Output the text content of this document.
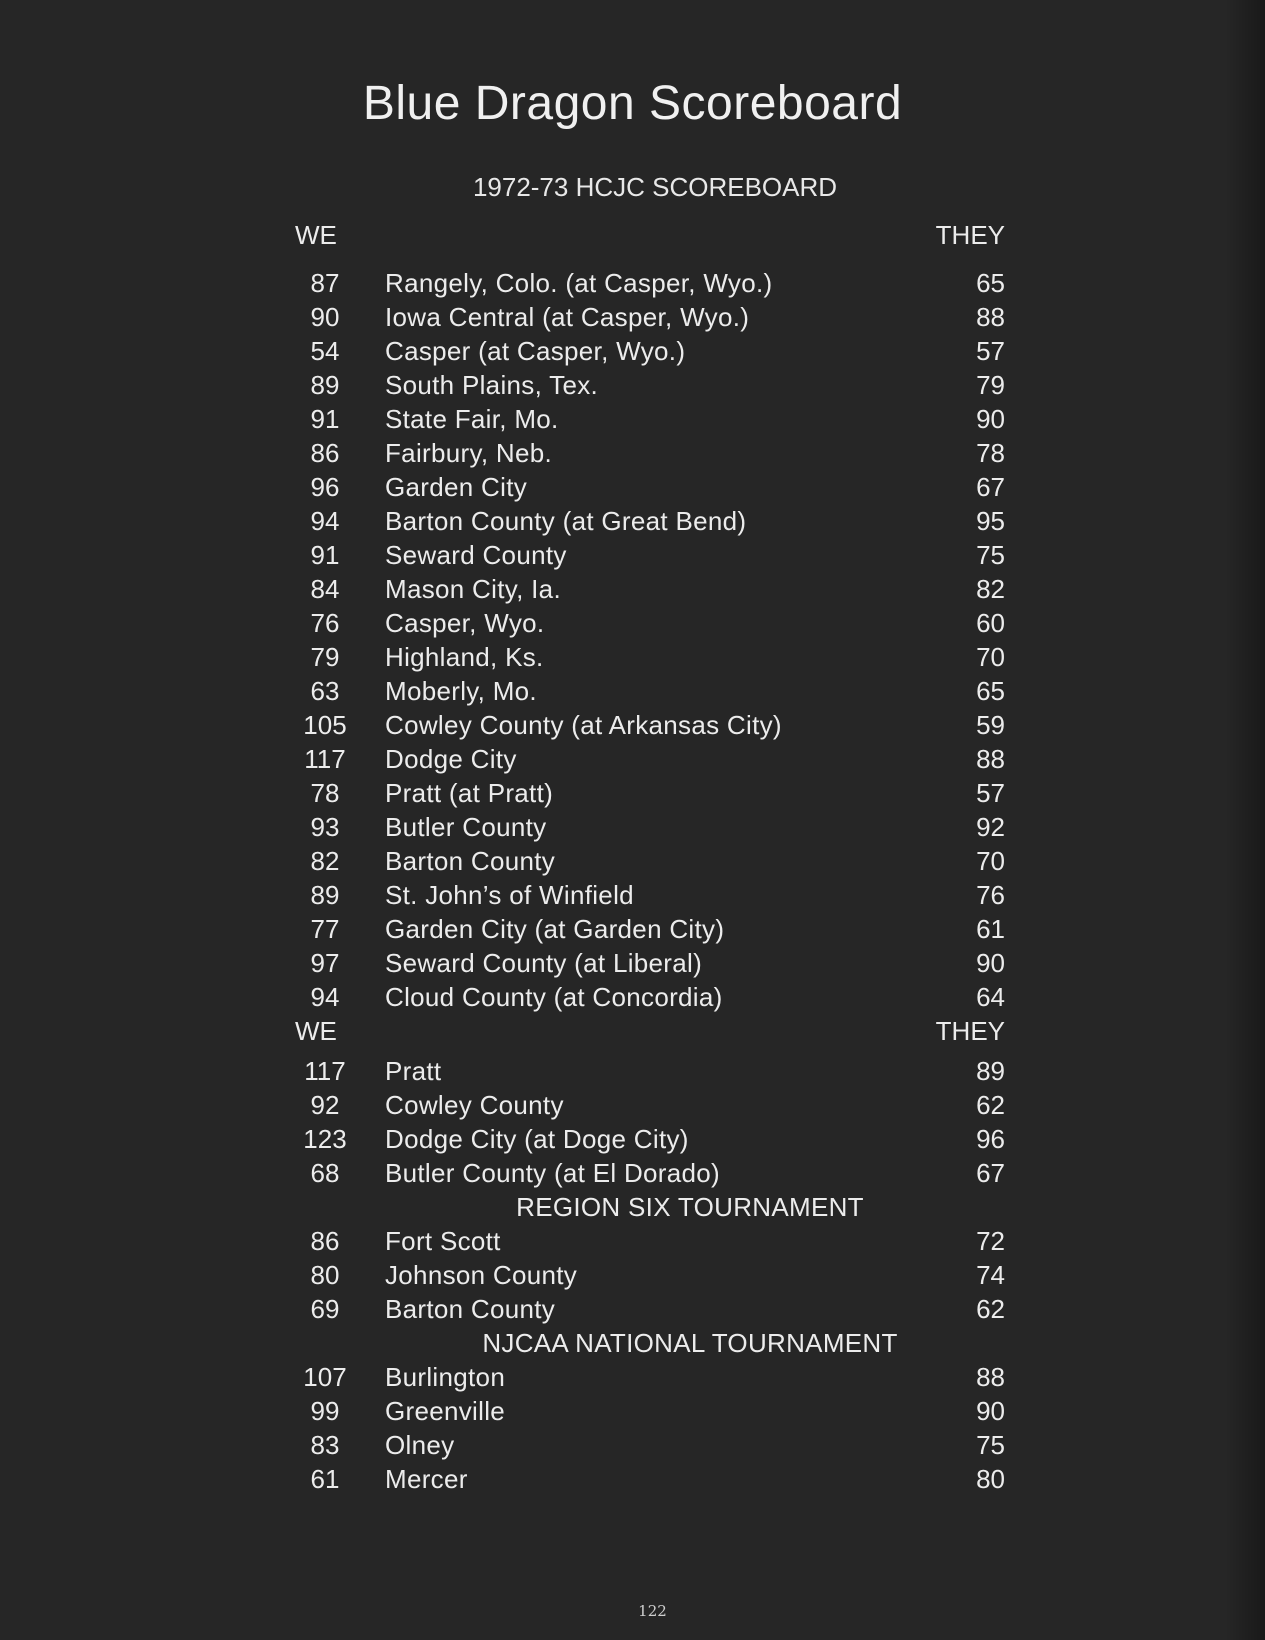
Blue Dragon Scoreboard
1972-73 HCJC SCOREBOARD
WE	THEY
87	Rangely, Colo. (at Casper, Wyo.)	65
90	Iowa Central (at Casper, Wyo.)	88
54	Casper (at Casper, Wyo.)	57
89	South Plains, Tex.	79
91	State Fair, Mo.	90
86	Fairbury, Neb.	78
96	Garden City	67
94	Barton County (at Great Bend)	95
91	Seward County	75
84	Mason City, Ia.	82
76	Casper, Wyo.	60
79	Highland, Ks.	70
63	Moberly, Mo.	65
105	Cowley County (at Arkansas City)	59
117	Dodge City	88
78	Pratt (at Pratt)	57
93	Butler County	92
82	Barton County	70
89	St. John’s of Winfield	76
77	Garden City (at Garden City)	61
97	Seward County (at Liberal)	90
94	Cloud County (at Concordia)	64
WE	THEY
117	Pratt	89
92	Cowley County	62
123	Dodge City (at Doge City)	96
68	Butler County (at El Dorado)	67
REGION SIX TOURNAMENT
86	Fort Scott	72
80	Johnson County	74
69	Barton County	62
NJCAA NATIONAL TOURNAMENT
107	Burlington	88
99	Greenville	90
83	Olney	75
61	Mercer	80
122
